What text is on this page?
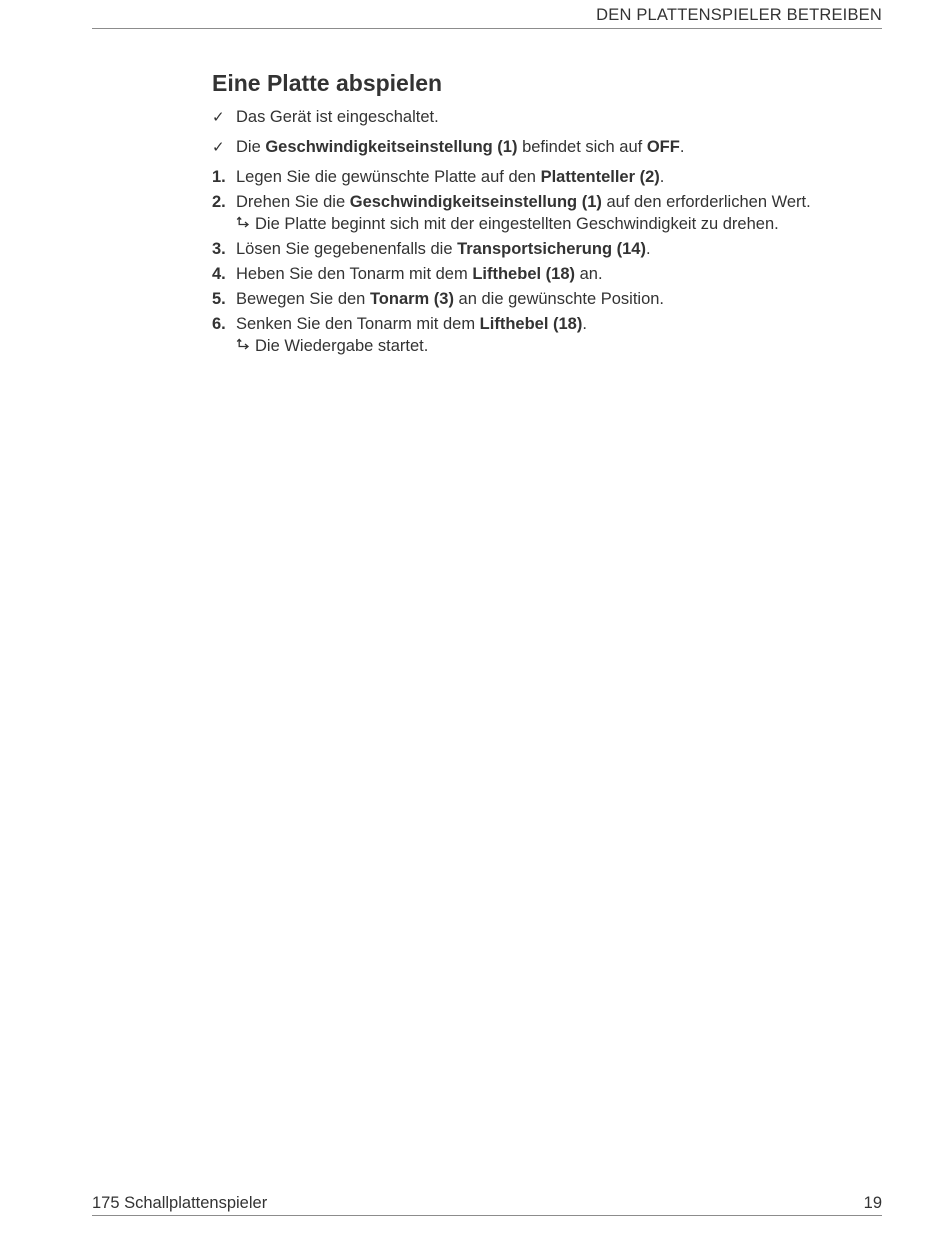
DEN PLATTENSPIELER BETREIBEN
Eine Platte abspielen
✓ Das Gerät ist eingeschaltet.
✓ Die Geschwindigkeitseinstellung (1) befindet sich auf OFF.
1. Legen Sie die gewünschte Platte auf den Plattenteller (2).
2. Drehen Sie die Geschwindigkeitseinstellung (1) auf den erforderlichen Wert.
Die Platte beginnt sich mit der eingestellten Geschwindigkeit zu drehen.
3. Lösen Sie gegebenenfalls die Transportsicherung (14).
4. Heben Sie den Tonarm mit dem Lifthebel (18) an.
5. Bewegen Sie den Tonarm (3) an die gewünschte Position.
6. Senken Sie den Tonarm mit dem Lifthebel (18).
Die Wiedergabe startet.
175 Schallplattenspieler	19
